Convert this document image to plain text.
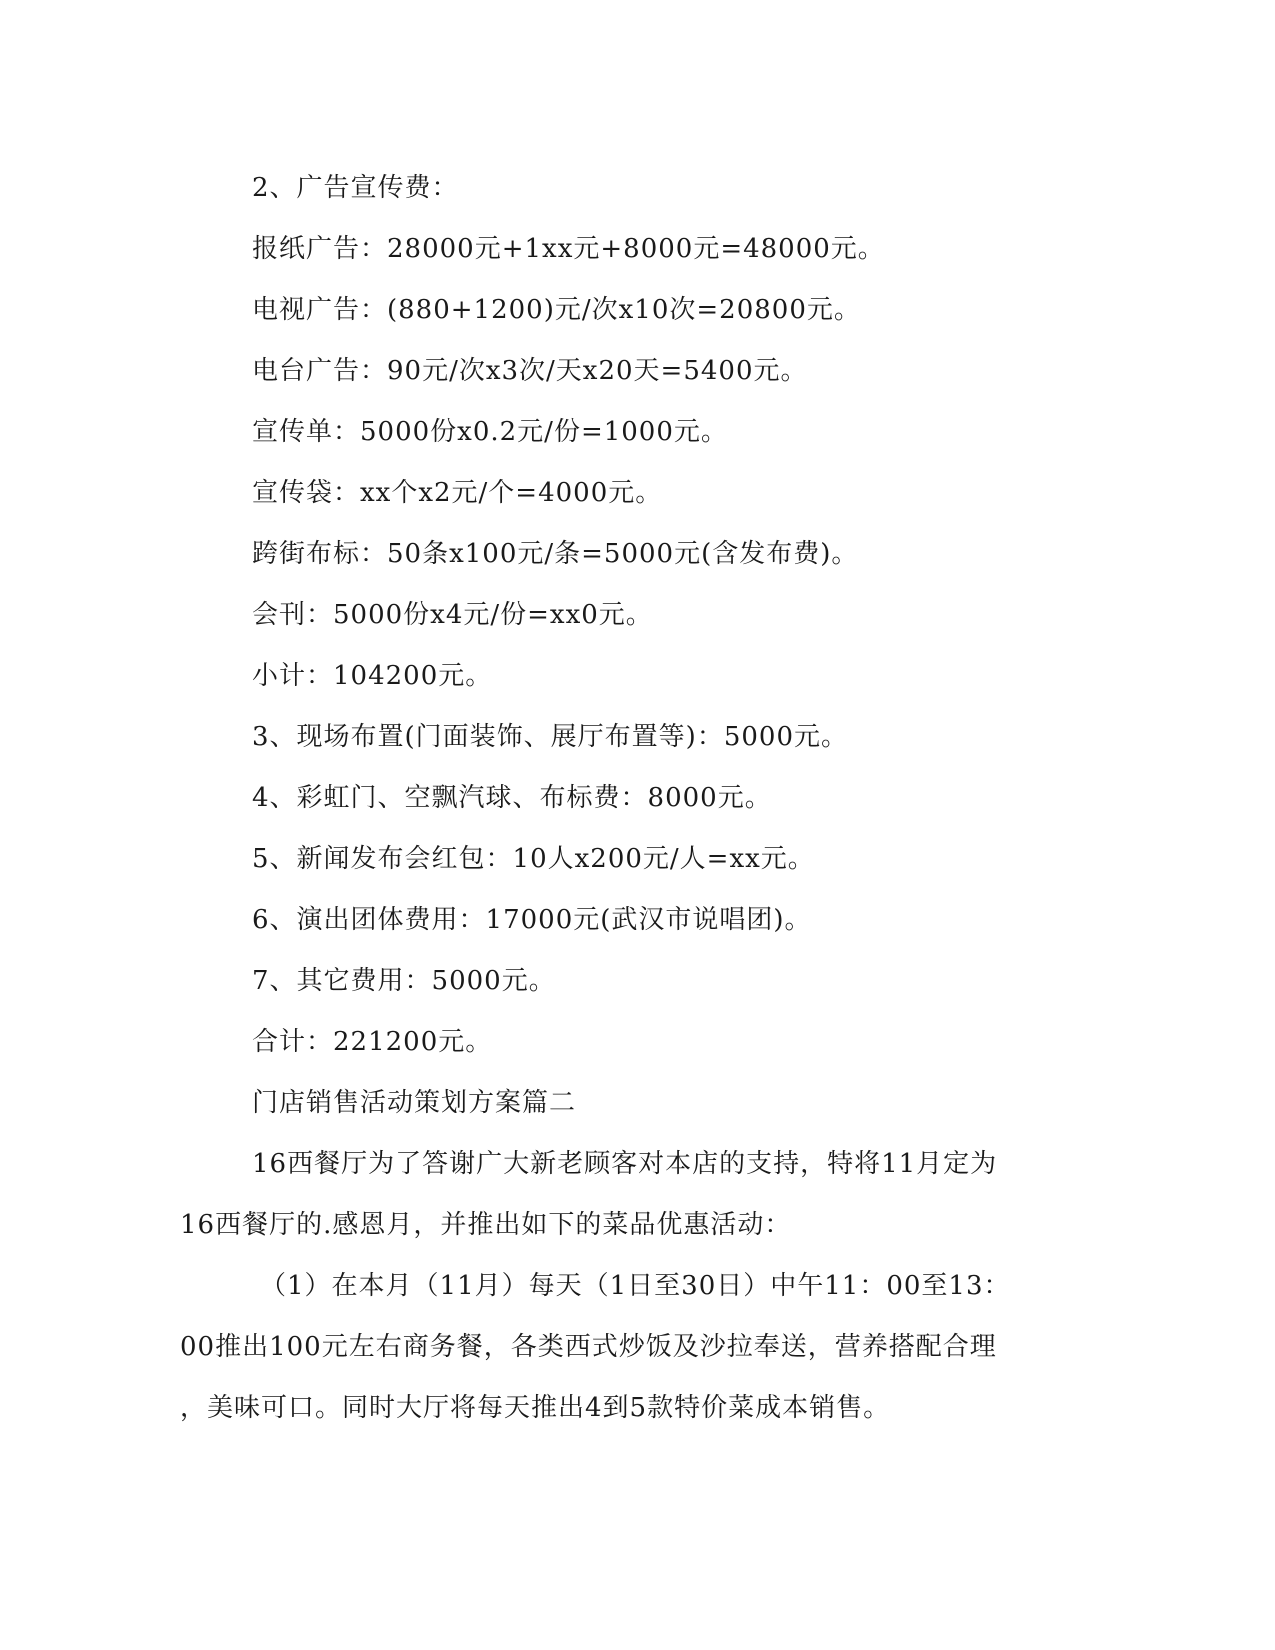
2、广告宣传费：
报纸广告：28000元+1xx元+8000元=48000元。
电视广告：(880+1200)元/次x10次=20800元。
电台广告：90元/次x3次/天x20天=5400元。
宣传单：5000份x0.2元/份=1000元。
宣传袋：xx个x2元/个=4000元。
跨街布标：50条x100元/条=5000元(含发布费)。
会刊：5000份x4元/份=xx0元。
小计：104200元。
3、现场布置(门面装饰、展厅布置等)：5000元。
4、彩虹门、空飘汽球、布标费：8000元。
5、新闻发布会红包：10人x200元/人=xx元。
6、演出团体费用：17000元(武汉市说唱团)。
7、其它费用：5000元。
合计：221200元。
门店销售活动策划方案篇二
16西餐厅为了答谢广大新老顾客对本店的支持，特将11月定为
16西餐厅的.感恩月，并推出如下的菜品优惠活动：
（1）在本月（11月）每天（1日至30日）中午11：00至13：
00推出100元左右商务餐，各类西式炒饭及沙拉奉送，营养搭配合理
，美味可口。同时大厅将每天推出4到5款特价菜成本销售。
